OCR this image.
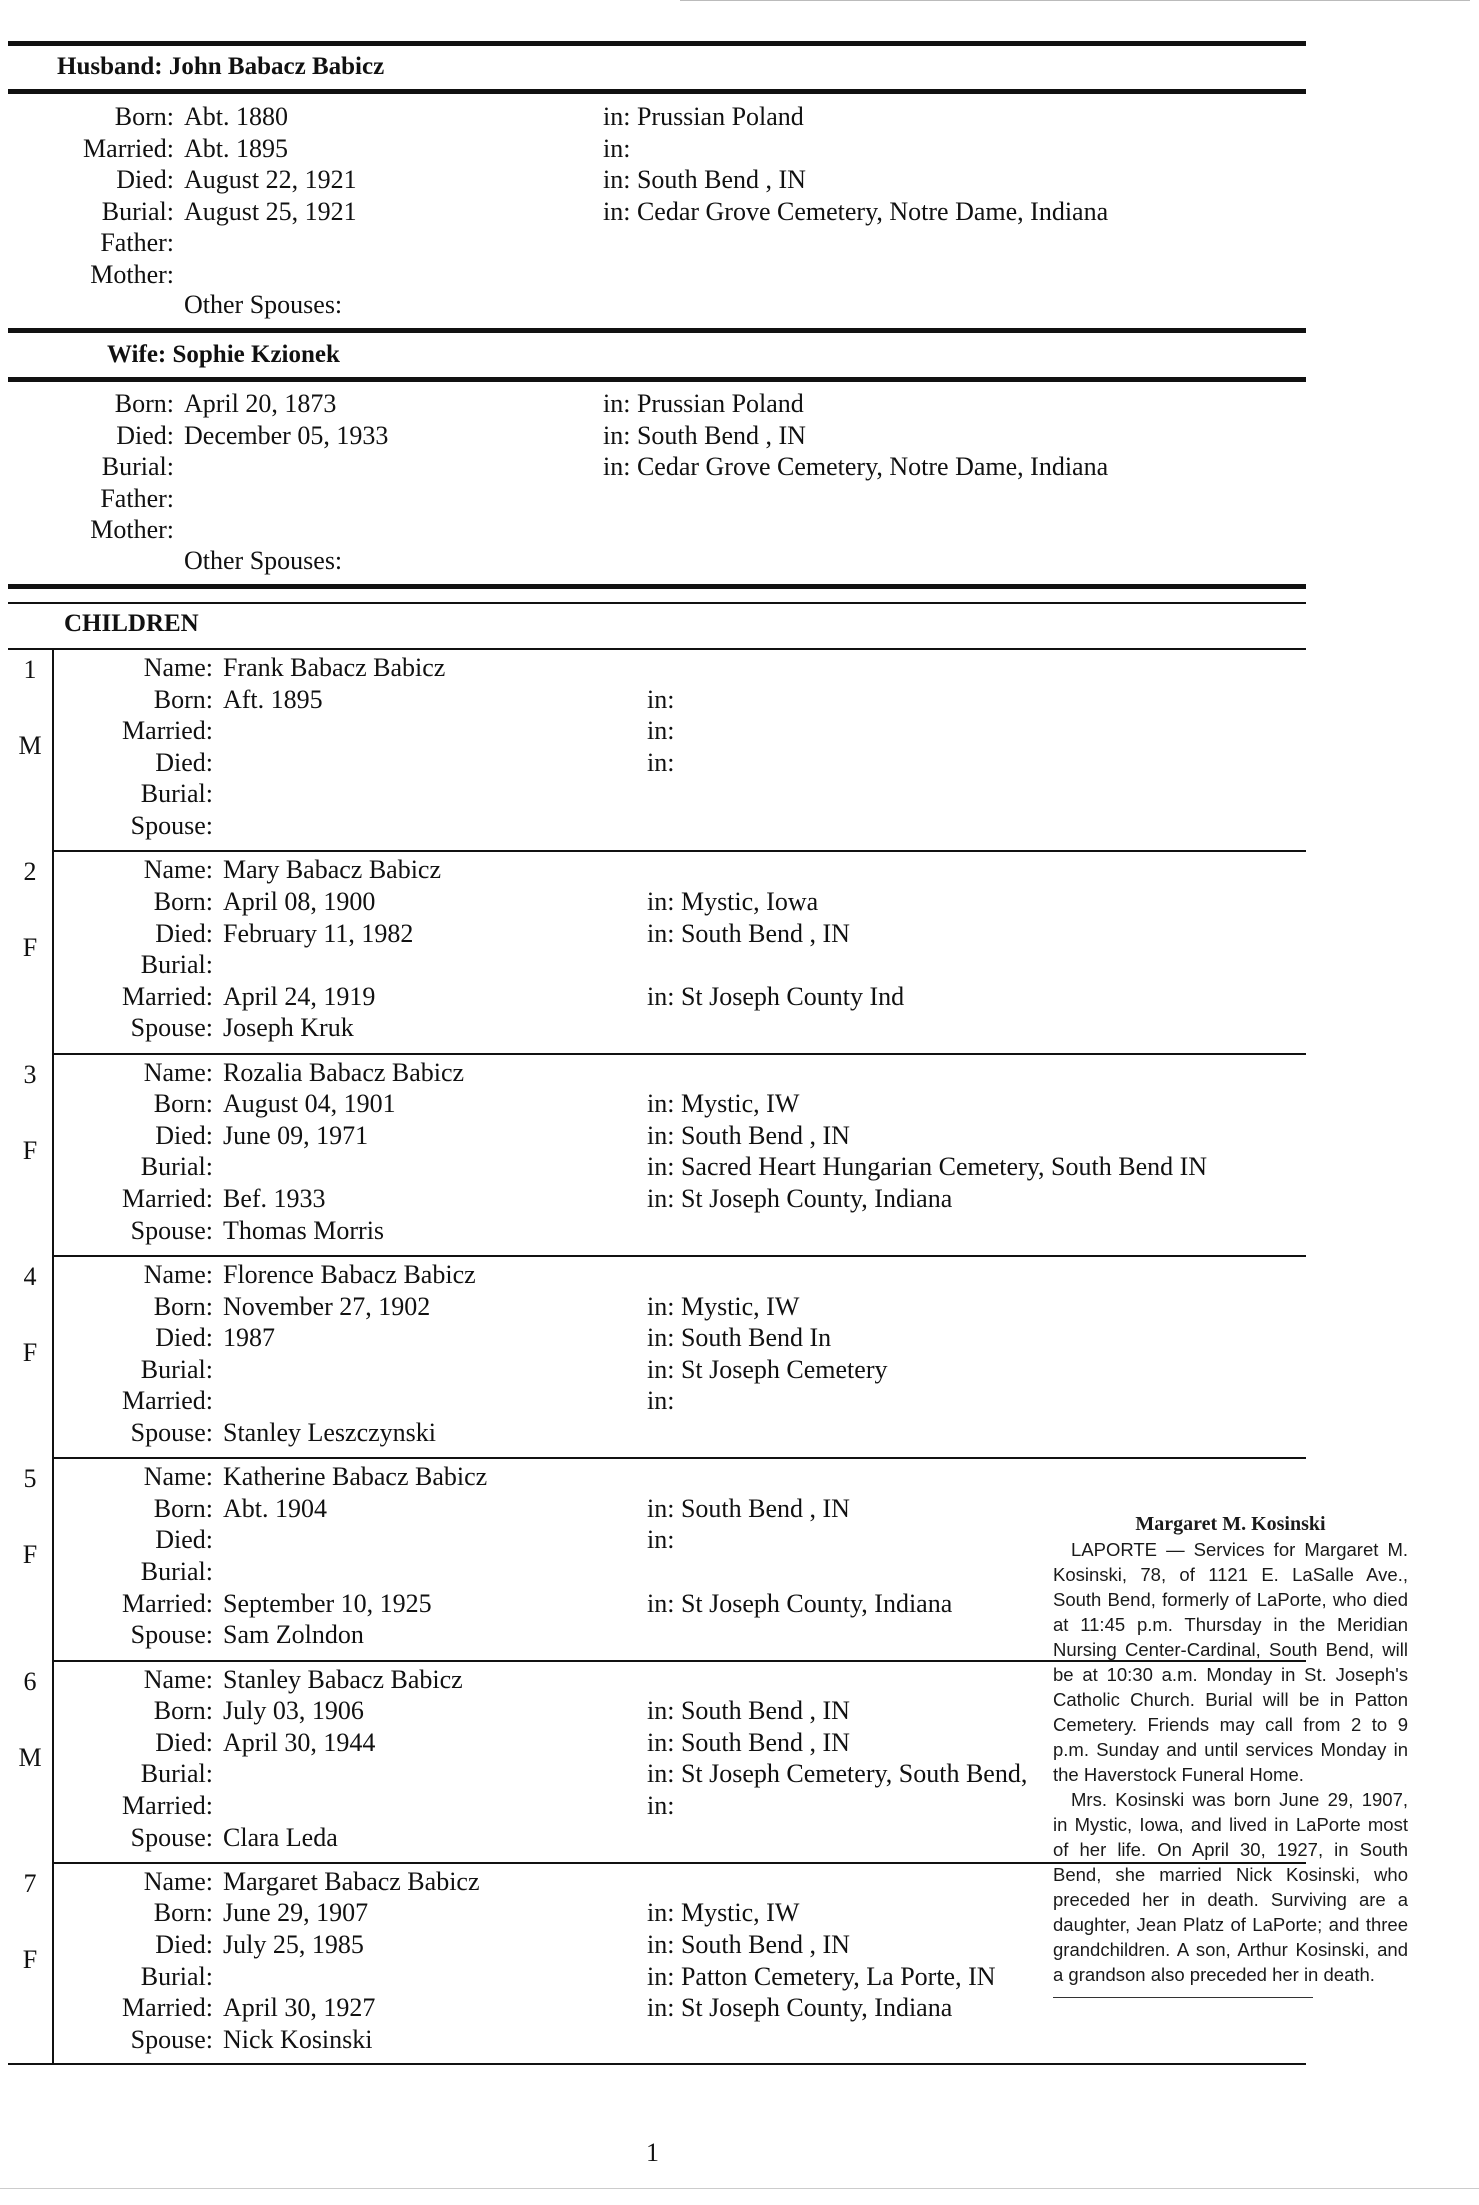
Husband: John Babacz Babicz
Born: Abt. 1880	in: Prussian Poland
Married: Abt. 1895	in:
Died: August 22, 1921	in: South Bend , IN
Burial: August 25, 1921	in: Cedar Grove Cemetery, Notre Dame, Indiana
Father:
Mother:
Other Spouses:
Wife: Sophie Kzionek
Born: April 20, 1873	in: Prussian Poland
Died: December 05, 1933	in: South Bend , IN
Burial:	in: Cedar Grove Cemetery, Notre Dame, Indiana
Father:
Mother:
Other Spouses:
CHILDREN
1
M
Name: Frank Babacz Babicz
Born: Aft. 1895	in:
Married:	in:
Died:	in:
Burial:
Spouse:
2
F
Name: Mary Babacz Babicz
Born: April 08, 1900	in: Mystic, Iowa
Died: February 11, 1982	in: South Bend , IN
Burial:
Married: April 24, 1919	in: St Joseph County Ind
Spouse: Joseph Kruk
3
F
Name: Rozalia Babacz Babicz
Born: August 04, 1901	in: Mystic, IW
Died: June 09, 1971	in: South Bend , IN
Burial:	in: Sacred Heart Hungarian Cemetery, South Bend IN
Married: Bef. 1933	in: St Joseph County, Indiana
Spouse: Thomas Morris
4
F
Name: Florence Babacz Babicz
Born: November 27, 1902	in: Mystic, IW
Died: 1987	in: South Bend In
Burial:	in: St Joseph Cemetery
Married:	in:
Spouse: Stanley Leszczynski
5
F
Name: Katherine Babacz Babicz
Born: Abt. 1904	in: South Bend , IN
Died:	in:
Burial:
Married: September 10, 1925	in: St Joseph County, Indiana
Spouse: Sam Zolndon
6
M
Name: Stanley Babacz Babicz
Born: July 03, 1906	in: South Bend , IN
Died: April 30, 1944	in: South Bend , IN
Burial:	in: St Joseph Cemetery, South Bend,
Married:	in:
Spouse: Clara Leda
7
F
Name: Margaret Babacz Babicz
Born: June 29, 1907	in: Mystic, IW
Died: July 25, 1985	in: South Bend , IN
Burial:	in: Patton Cemetery, La Porte, IN
Married: April 30, 1927	in: St Joseph County, Indiana
Spouse: Nick Kosinski
Margaret M. Kosinski

LAPORTE — Services for Margaret M. Kosinski, 78, of 1121 E. LaSalle Ave., South Bend, formerly of LaPorte, who died at 11:45 p.m. Thursday in the Meridian Nursing Center-Cardinal, South Bend, will be at 10:30 a.m. Monday in St. Joseph's Catholic Church. Burial will be in Patton Cemetery. Friends may call from 2 to 9 p.m. Sunday and until services Monday in the Haverstock Funeral Home.

Mrs. Kosinski was born June 29, 1907, in Mystic, Iowa, and lived in LaPorte most of her life. On April 30, 1927, in South Bend, she married Nick Kosinski, who preceded her in death. Surviving are a daughter, Jean Platz of LaPorte; and three grandchildren. A son, Arthur Kosinski, and a grandson also preceded her in death.

1
